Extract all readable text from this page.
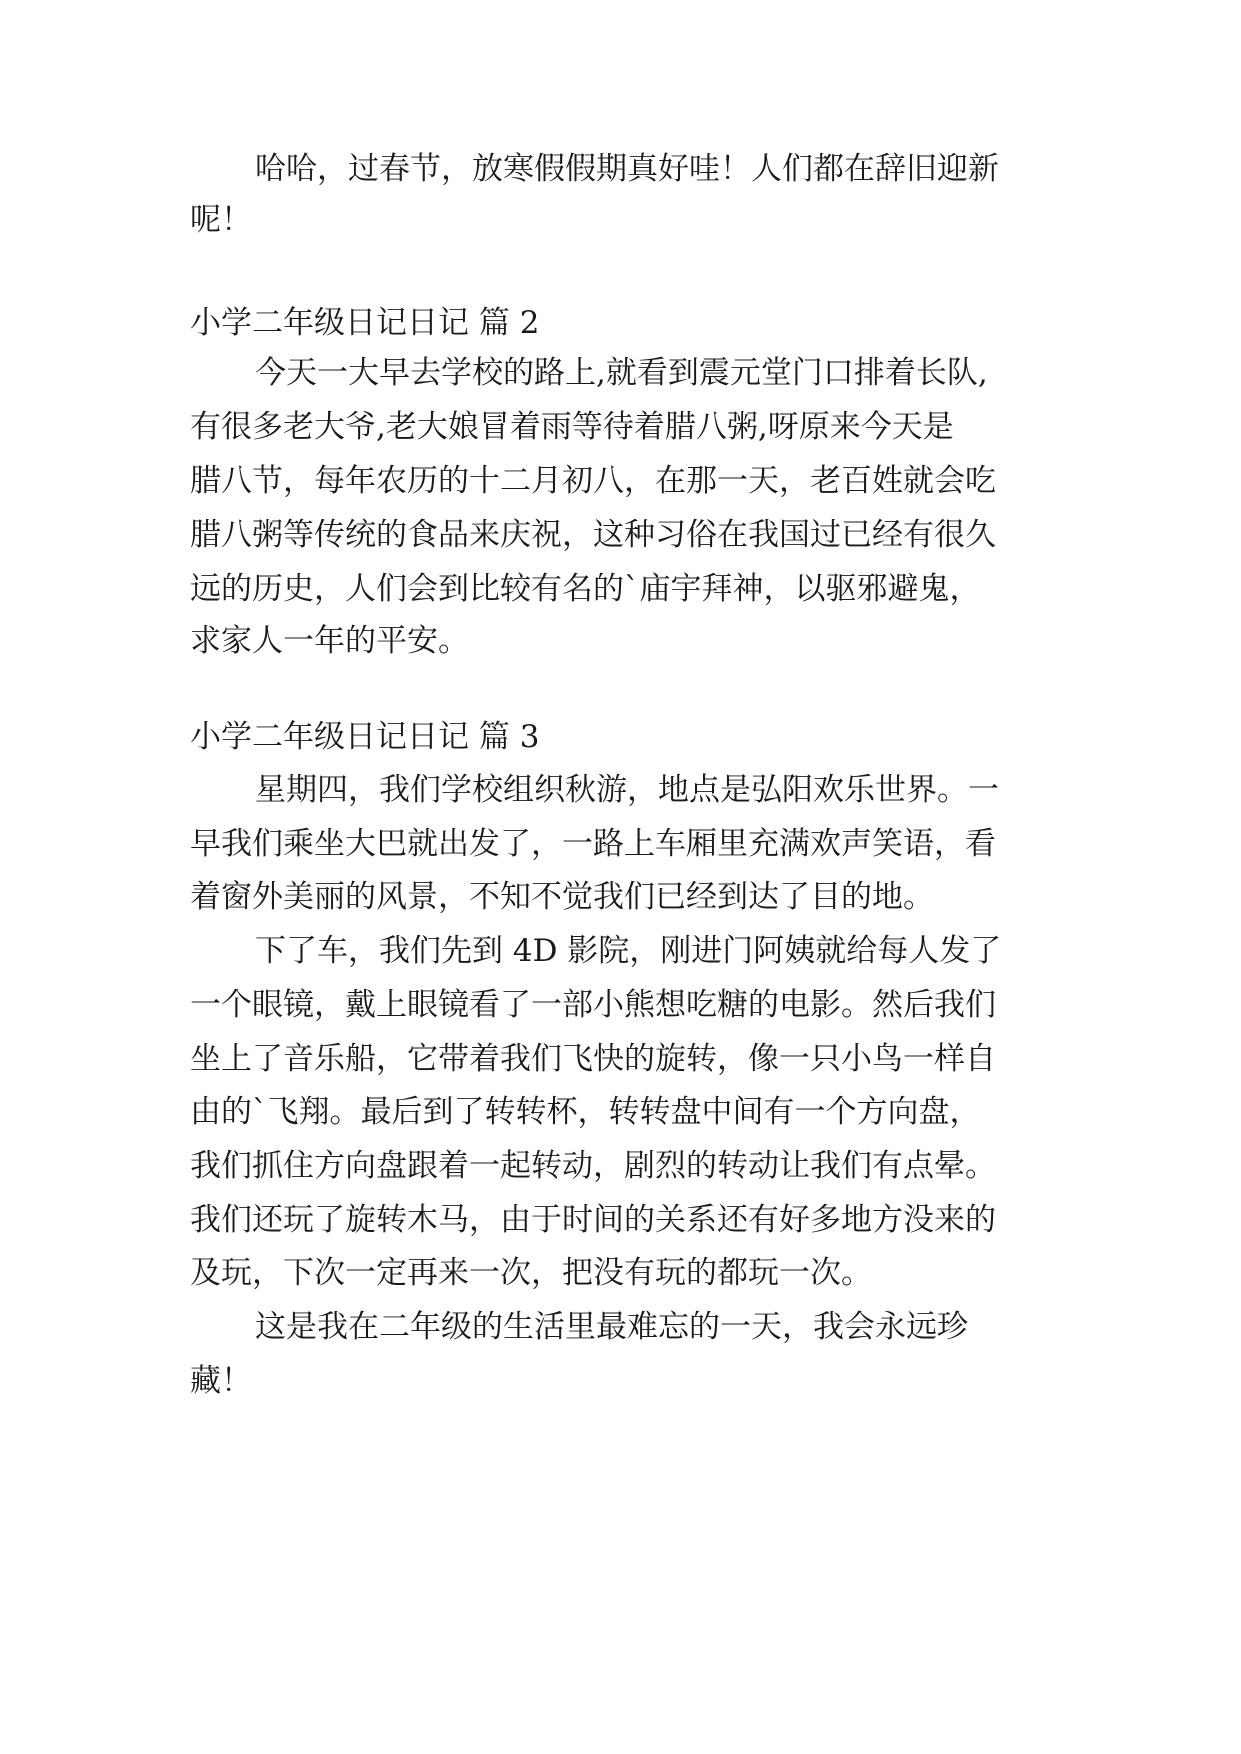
哈哈，过春节，放寒假假期真好哇！人们都在辞旧迎新
呢！
小学二年级日记日记 篇 2
今天一大早去学校的路上,就看到震元堂门口排着长队,
有很多老大爷,老大娘冒着雨等待着腊八粥,呀原来今天是
腊八节，每年农历的十二月初八，在那一天，老百姓就会吃
腊八粥等传统的食品来庆祝，这种习俗在我国过已经有很久
远的历史，人们会到比较有名的`庙宇拜神，以驱邪避鬼，
求家人一年的平安。
小学二年级日记日记 篇 3
星期四，我们学校组织秋游，地点是弘阳欢乐世界。一
早我们乘坐大巴就出发了，一路上车厢里充满欢声笑语，看
着窗外美丽的风景，不知不觉我们已经到达了目的地。
下了车，我们先到 4D 影院，刚进门阿姨就给每人发了
一个眼镜，戴上眼镜看了一部小熊想吃糖的电影。然后我们
坐上了音乐船，它带着我们飞快的旋转，像一只小鸟一样自
由的`飞翔。最后到了转转杯，转转盘中间有一个方向盘，
我们抓住方向盘跟着一起转动，剧烈的转动让我们有点晕。
我们还玩了旋转木马，由于时间的关系还有好多地方没来的
及玩，下次一定再来一次，把没有玩的都玩一次。
这是我在二年级的生活里最难忘的一天，我会永远珍
藏！
